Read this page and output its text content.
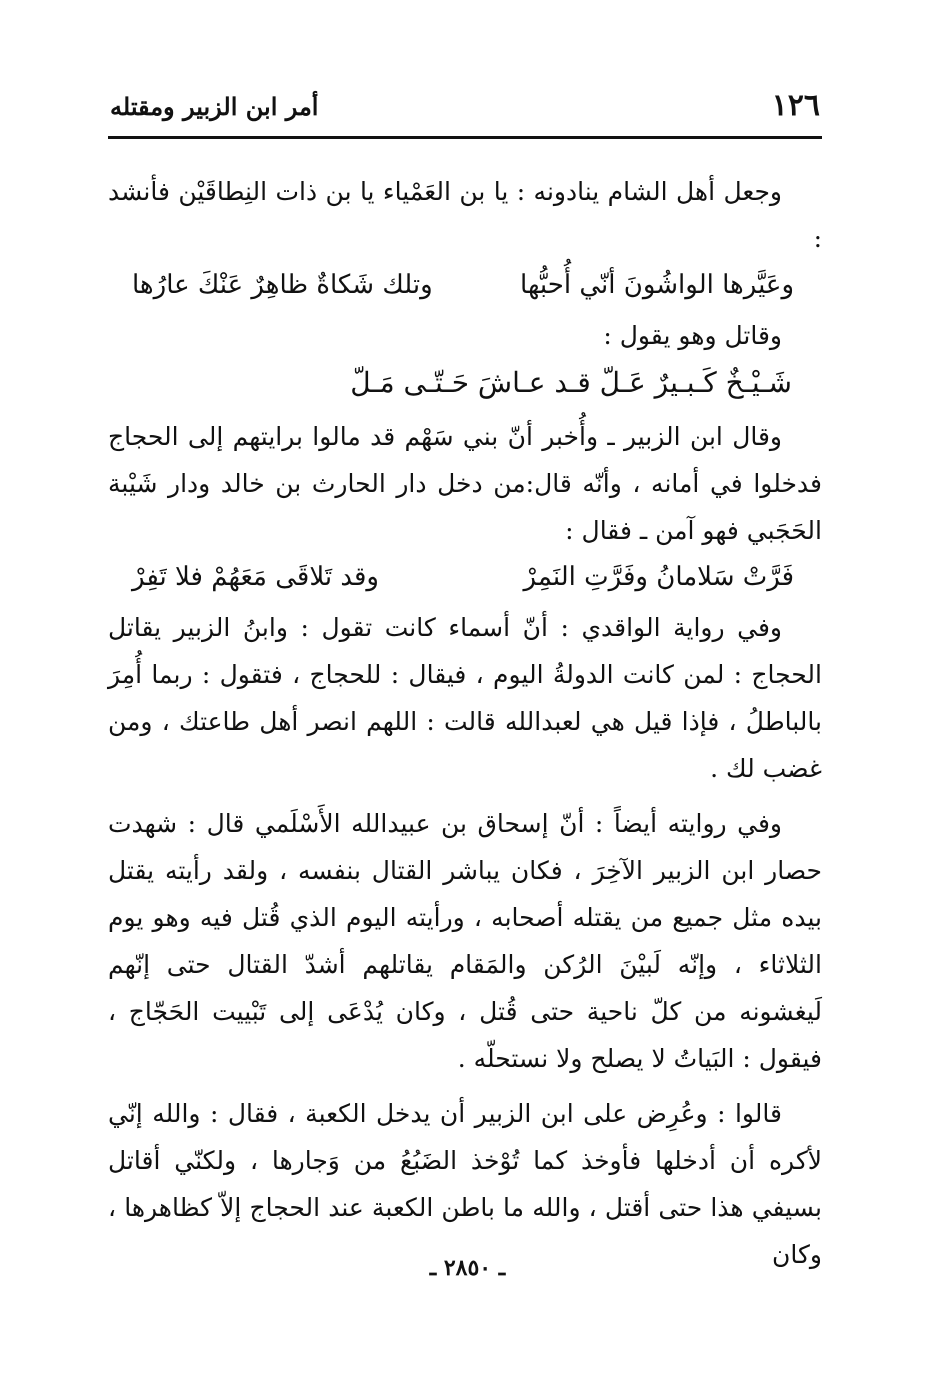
١٢٦
أمر ابن الزبير ومقتله

وجعل أهل الشام ينادونه : يا بن العَمْياء يا بن ذات النِطاقَيْن فأنشد :

وعَيَّرها الواشُونَ أنّي أُحبُّها
وتلك شَكاةٌ ظاهِرٌ عَنْكَ عارُها

وقاتل وهو يقول :

شَـيْـخٌ كَـبـيرٌ عَـلّ قـد عـاشَ حَـتّـى مَـلّ

وقال ابن الزبير ـ وأُخبر أنّ بني سَهْم قد مالوا برايتهم إلى الحجاج فدخلوا في أمانه ، وأنّه قال:من دخل دار الحارث بن خالد ودار شَيْبة الحَجَبي فهو آمن ـ فقال :

فَرَّتْ سَلامانُ وفَرَّتِ النَمِرْ
وقد تَلاقَى مَعَهُمْ فلا تَفِرْ

وفي رواية الواقدي : أنّ أسماء كانت تقول : وابنُ الزبير يقاتل الحجاج : لمن كانت الدولةُ اليوم ، فيقال : للحجاج ، فتقول : ربما أُمِرَ بالباطلُ ، فإذا قيل هي لعبدالله قالت : اللهم انصر أهل طاعتك ، ومن غضب لك .

وفي روايته أيضاً : أنّ إسحاق بن عبيدالله الأَسْلَمي قال : شهدت حصار ابن الزبير الآخِرَ ، فكان يباشر القتال بنفسه ، ولقد رأيته يقتل بيده مثل جميع من يقتله أصحابه ، ورأيته اليوم الذي قُتل فيه وهو يوم الثلاثاء ، وإنّه لَبيْنَ الرُكن والمَقام يقاتلهم أشدّ القتال حتى إنّهم لَيغشونه من كلّ ناحية حتى قُتل ، وكان يُدْعَى إلى تَبْييت الحَجّاج ، فيقول : البَياتُ لا يصلح ولا نستحلّه .

قالوا : وعُرِض على ابن الزبير أن يدخل الكعبة ، فقال : والله إنّي لأكره أن أدخلها فأوخذ كما تُوْخذ الضَبُعُ من وَجارها ، ولكنّي أقاتل بسيفي هذا حتى أقتل ، والله ما باطن الكعبة عند الحجاج إلاّ كظاهرها ، وكان

ـ ٢٨٥٠ ـ
